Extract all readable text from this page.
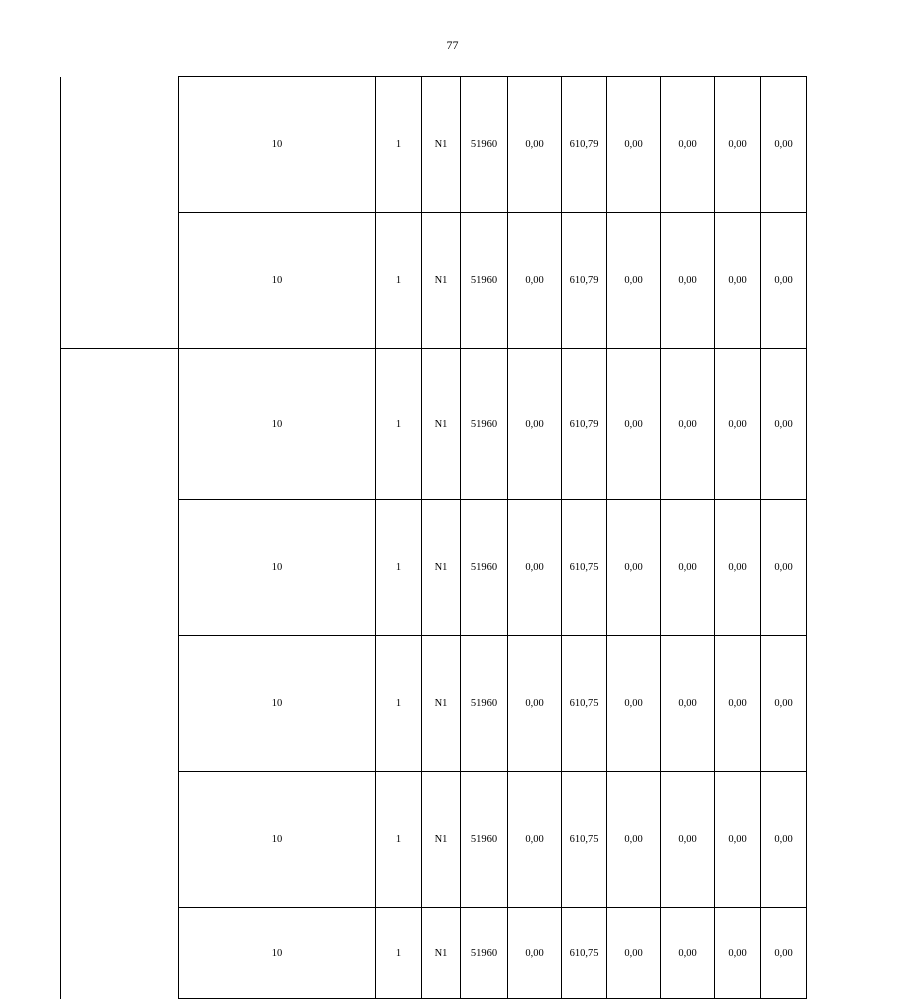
77

	10	1	N1	51960	0,00	610,79	0,00	0,00	0,00	0,00

	10	1	N1	51960	0,00	610,79	0,00	0,00	0,00	0,00

	10	1	N1	51960	0,00	610,79	0,00	0,00	0,00	0,00

	10	1	N1	51960	0,00	610,75	0,00	0,00	0,00	0,00

	10	1	N1	51960	0,00	610,75	0,00	0,00	0,00	0,00

	10	1	N1	51960	0,00	610,75	0,00	0,00	0,00	0,00

	10	1	N1	51960	0,00	610,75	0,00	0,00	0,00	0,00
